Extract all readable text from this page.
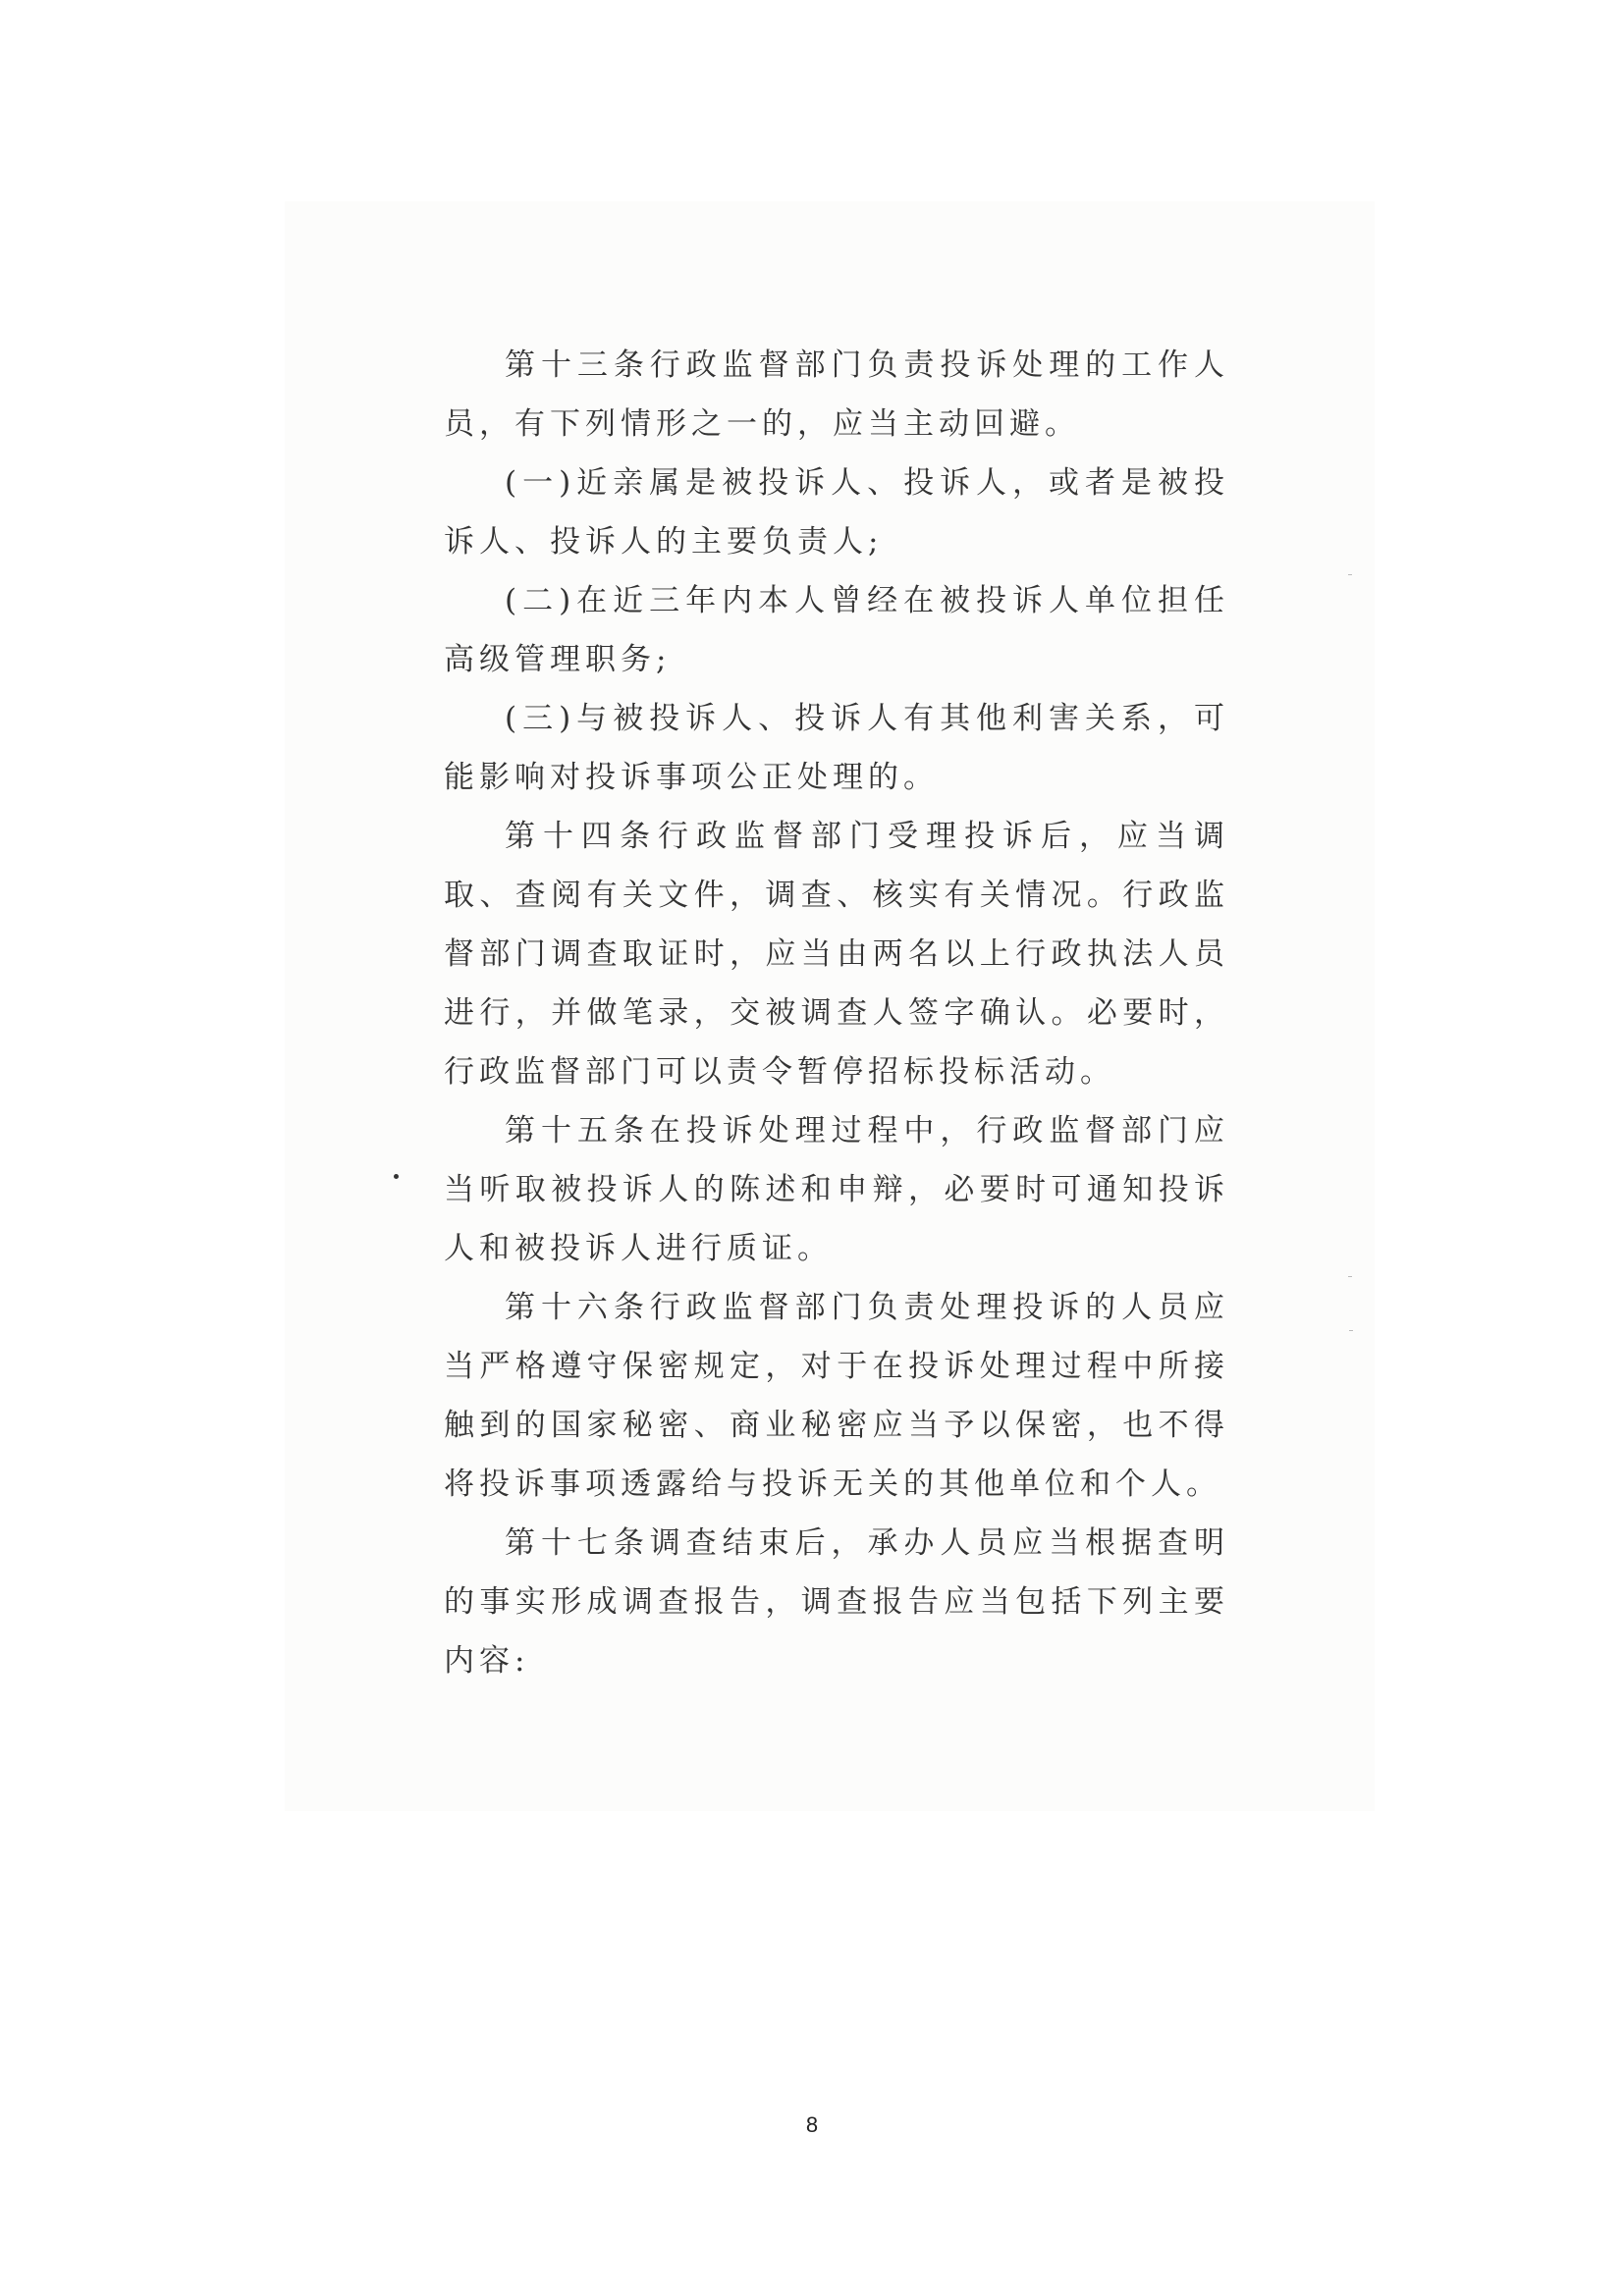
第十三条行政监督部门负责投诉处理的工作人员，有下列情形之一的，应当主动回避。

(一)近亲属是被投诉人、投诉人，或者是被投诉人、投诉人的主要负责人;

(二)在近三年内本人曾经在被投诉人单位担任高级管理职务;

(三)与被投诉人、投诉人有其他利害关系，可能影响对投诉事项公正处理的。

第十四条行政监督部门受理投诉后，应当调取、查阅有关文件，调查、核实有关情况。行政监督部门调查取证时，应当由两名以上行政执法人员进行，并做笔录，交被调查人签字确认。必要时，行政监督部门可以责令暂停招标投标活动。

第十五条在投诉处理过程中，行政监督部门应当听取被投诉人的陈述和申辩，必要时可通知投诉人和被投诉人进行质证。

第十六条行政监督部门负责处理投诉的人员应当严格遵守保密规定，对于在投诉处理过程中所接触到的国家秘密、商业秘密应当予以保密，也不得将投诉事项透露给与投诉无关的其他单位和个人。

第十七条调查结束后，承办人员应当根据查明的事实形成调查报告，调查报告应当包括下列主要内容:

8
